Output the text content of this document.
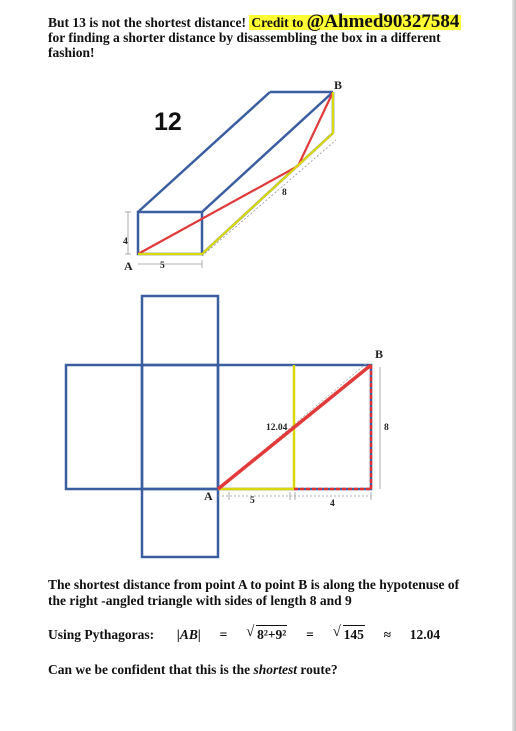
But 13 is not the shortest distance! Credit to @Ahmed90327584 for finding a shorter distance by disassembling the box in a different fashion!
12
4
5
8
A
B
12.04
5	4
8
A
B
The shortest distance from point A to point B is along the hypotenuse of the right -angled triangle with sides of length 8 and 9
Using Pythagoras: |AB| = √ 8²+9² = √ 145 ≈ 12.04
Can we be confident that this is the shortest route?
